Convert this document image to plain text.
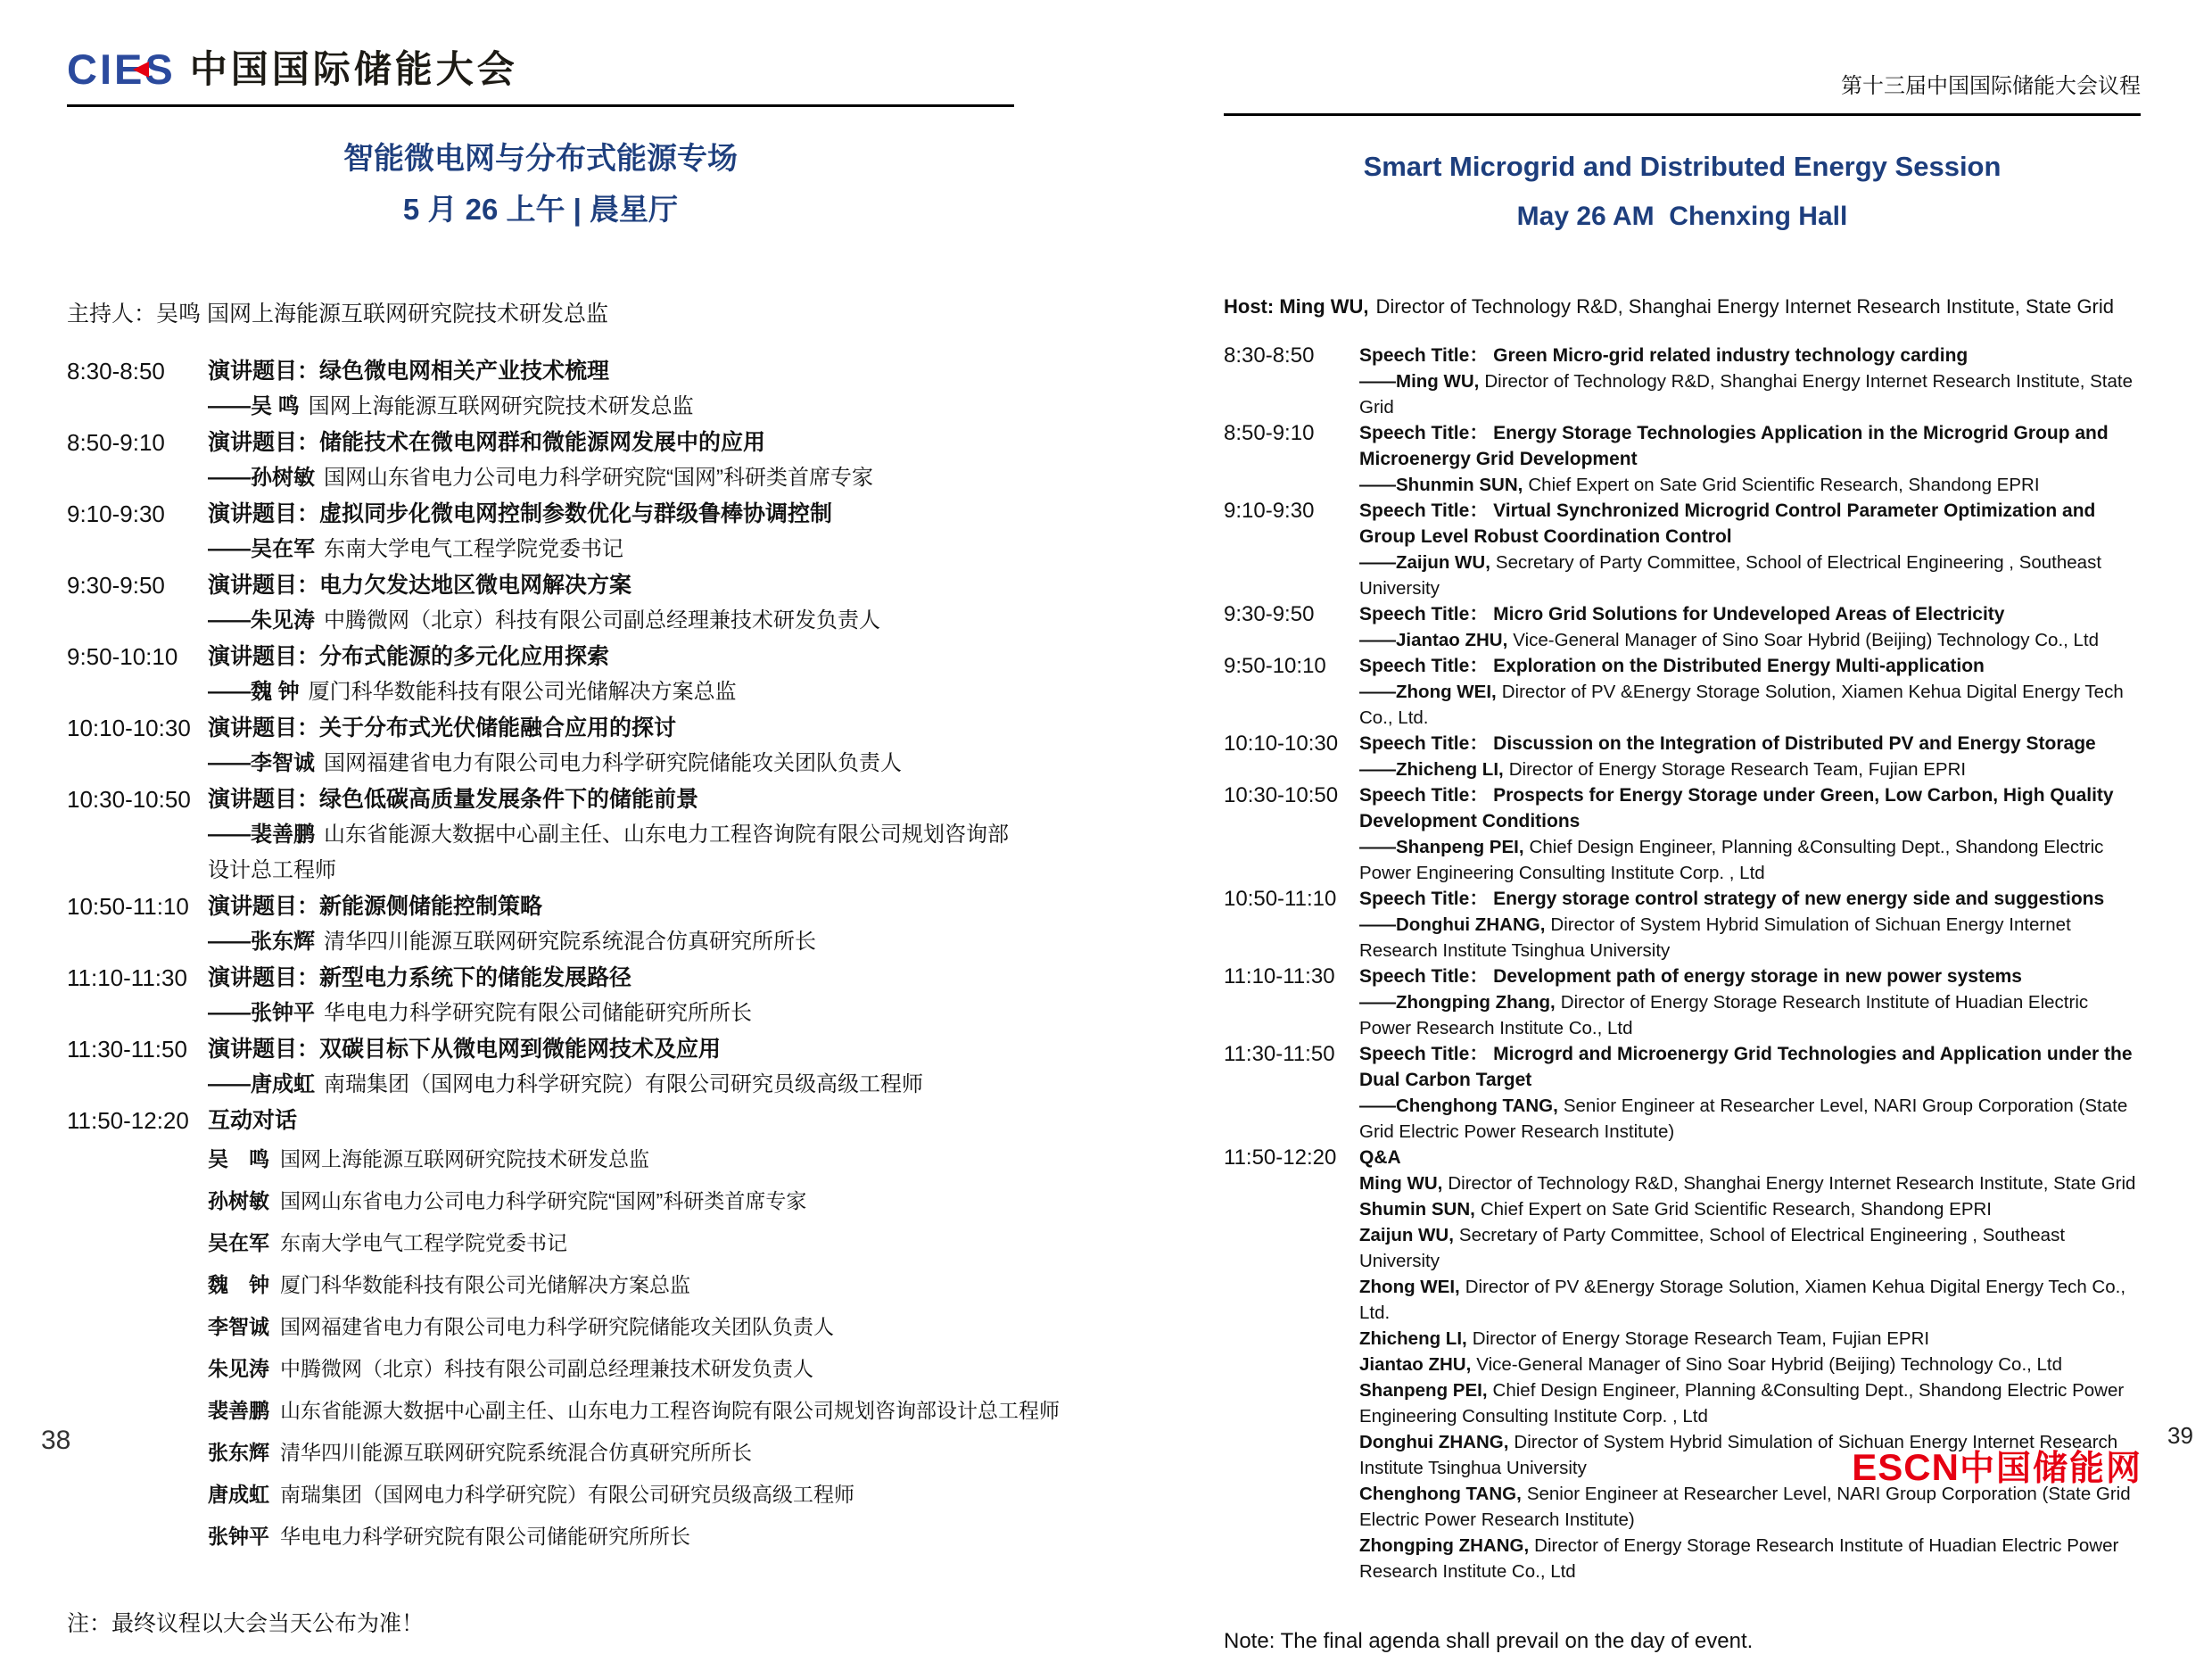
CIES 中国国际储能大会
智能微电网与分布式能源专场
5 月 26 上午 | 晨星厅
主持人：吴鸣 国网上海能源互联网研究院技术研发总监
8:30-8:50	演讲题目：绿色微电网相关产业技术梳理
——吴 鸣 国网上海能源互联网研究院技术研发总监
8:50-9:10	演讲题目：储能技术在微电网群和微能源网发展中的应用
——孙树敏 国网山东省电力公司电力科学研究院“国网”科研类首席专家
9:10-9:30	演讲题目：虚拟同步化微电网控制参数优化与群级鲁棒协调控制
——吴在军 东南大学电气工程学院党委书记
9:30-9:50	演讲题目：电力欠发达地区微电网解决方案
——朱见涛 中腾微网（北京）科技有限公司副总经理兼技术研发负责人
9:50-10:10	演讲题目：分布式能源的多元化应用探索
——魏 钟 厦门科华数能科技有限公司光储解决方案总监
10:10-10:30 演讲题目：关于分布式光伏储能融合应用的探讨
——李智诚 国网福建省电力有限公司电力科学研究院储能攻关团队负责人
10:30-10:50 演讲题目：绿色低碳高质量发展条件下的储能前景
——裴善鹏 山东省能源大数据中心副主任、山东电力工程咨询院有限公司规划咨询部设计总工程师
10:50-11:10 演讲题目：新能源侧储能控制策略
——张东辉 清华四川能源互联网研究院系统混合仿真研究所所长
11:10-11:30 演讲题目：新型电力系统下的储能发展路径
——张钟平 华电电力科学研究院有限公司储能研究所所长
11:30-11:50 演讲题目：双碳目标下从微电网到微能网技术及应用
——唐成虹 南瑞集团（国网电力科学研究院）有限公司研究员级高级工程师
11:50-12:20 互动对话
吴　鸣 国网上海能源互联网研究院技术研发总监
孙树敏 国网山东省电力公司电力科学研究院“国网”科研类首席专家
吴在军 东南大学电气工程学院党委书记
魏　钟 厦门科华数能科技有限公司光储解决方案总监
李智诚 国网福建省电力有限公司电力科学研究院储能攻关团队负责人
朱见涛 中腾微网（北京）科技有限公司副总经理兼技术研发负责人
裴善鹏 山东省能源大数据中心副主任、山东电力工程咨询院有限公司规划咨询部设计总工程师
张东辉 清华四川能源互联网研究院系统混合仿真研究所所长
唐成虹 南瑞集团（国网电力科学研究院）有限公司研究员级高级工程师
张钟平 华电电力科学研究院有限公司储能研究所所长
注：最终议程以大会当天公布为准！
第十三届中国国际储能大会议程
Smart Microgrid and Distributed Energy Session
May 26 AM  Chenxing Hall
Host: Ming WU, Director of Technology R&D, Shanghai Energy Internet Research Institute, State Grid
8:30-8:50	Speech Title： Green Micro-grid related industry technology carding
——Ming WU, Director of Technology R&D, Shanghai Energy Internet Research Institute, State Grid
8:50-9:10	Speech Title： Energy Storage Technologies Application in the Microgrid Group and Microenergy Grid Development
——Shunmin SUN, Chief Expert on Sate Grid Scientific Research, Shandong EPRI
9:10-9:30	Speech Title： Virtual Synchronized Microgrid Control Parameter Optimization and Group Level Robust Coordination Control
——Zaijun WU, Secretary of Party Committee, School of Electrical Engineering , Southeast University
9:30-9:50	Speech Title： Micro Grid Solutions for Undeveloped Areas of Electricity
——Jiantao ZHU, Vice-General Manager of Sino Soar Hybrid (Beijing) Technology Co., Ltd
9:50-10:10	Speech Title： Exploration on the Distributed Energy Multi-application
——Zhong WEI, Director of PV &Energy Storage Solution, Xiamen Kehua Digital Energy Tech Co., Ltd.
10:10-10:30	Speech Title： Discussion on the Integration of Distributed PV and Energy Storage
——Zhicheng LI, Director of Energy Storage Research Team, Fujian EPRI
10:30-10:50	Speech Title： Prospects for Energy Storage under Green, Low Carbon, High Quality Development Conditions
——Shanpeng PEI, Chief Design Engineer, Planning &Consulting Dept., Shandong Electric Power Engineering Consulting Institute Corp. , Ltd
10:50-11:10	Speech Title： Energy storage control strategy of new energy side and suggestions
——Donghui ZHANG, Director of System Hybrid Simulation of Sichuan Energy Internet Research Institute Tsinghua University
11:10-11:30	Speech Title： Development path of energy storage in new power systems
——Zhongping Zhang, Director of Energy Storage Research Institute of Huadian Electric Power Research Institute Co., Ltd
11:30-11:50	Speech Title： Microgrd and Microenergy Grid Technologies and Application under the Dual Carbon Target
——Chenghong TANG, Senior Engineer at Researcher Level, NARI Group Corporation (State Grid Electric Power Research Institute)
11:50-12:20	Q&A
Ming WU, Director of Technology R&D, Shanghai Energy Internet Research Institute, State Grid
Shumin SUN, Chief Expert on Sate Grid Scientific Research, Shandong EPRI
Zaijun WU, Secretary of Party Committee, School of Electrical Engineering , Southeast University
Zhong WEI, Director of PV &Energy Storage Solution, Xiamen Kehua Digital Energy Tech Co., Ltd.
Zhicheng LI, Director of Energy Storage Research Team, Fujian EPRI
Jiantao ZHU, Vice-General Manager of Sino Soar Hybrid (Beijing) Technology Co., Ltd
Shanpeng PEI, Chief Design Engineer, Planning &Consulting Dept., Shandong Electric Power Engineering Consulting Institute Corp. , Ltd
Donghui ZHANG, Director of System Hybrid Simulation of Sichuan Energy Internet Research Institute Tsinghua University
Chenghong TANG, Senior Engineer at Researcher Level, NARI Group Corporation (State Grid Electric Power Research Institute)
Zhongping ZHANG, Director of Energy Storage Research Institute of Huadian Electric Power Research Institute Co., Ltd
Note: The final agenda shall prevail on the day of event.
38	39
ESCN中国储能网
